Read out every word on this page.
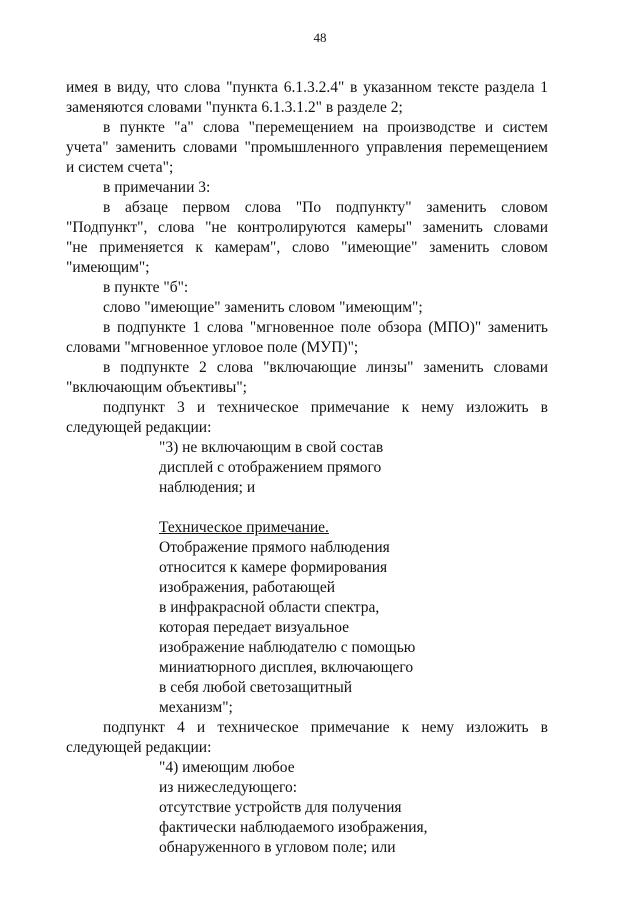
48
имея в виду, что слова "пункта 6.1.3.2.4" в указанном тексте раздела 1
заменяются словами "пункта 6.1.3.1.2" в разделе 2;
в пункте "а" слова "перемещением на производстве и систем
учета" заменить словами "промышленного управления перемещением
и систем счета";
в примечании 3:
в абзаце первом слова "По подпункту" заменить словом
"Подпункт", слова "не контролируются камеры" заменить словами
"не применяется к камерам", слово "имеющие" заменить словом
"имеющим";
в пункте "б":
слово "имеющие" заменить словом "имеющим";
в подпункте 1 слова "мгновенное поле обзора (МПО)" заменить
словами "мгновенное угловое поле (МУП)";
в подпункте 2 слова "включающие линзы" заменить словами
"включающим объективы";
подпункт 3 и техническое примечание к нему изложить в
следующей редакции:
"3) не включающим в свой состав
дисплей с отображением прямого
наблюдения; и
Техническое примечание.
Отображение прямого наблюдения
относится к камере формирования
изображения, работающей
в инфракрасной области спектра,
которая передает визуальное
изображение наблюдателю с помощью
миниатюрного дисплея, включающего
в себя любой светозащитный
механизм";
подпункт 4 и техническое примечание к нему изложить в
следующей редакции:
"4) имеющим любое
из нижеследующего:
отсутствие устройств для получения
фактически наблюдаемого изображения,
обнаруженного в угловом поле; или
